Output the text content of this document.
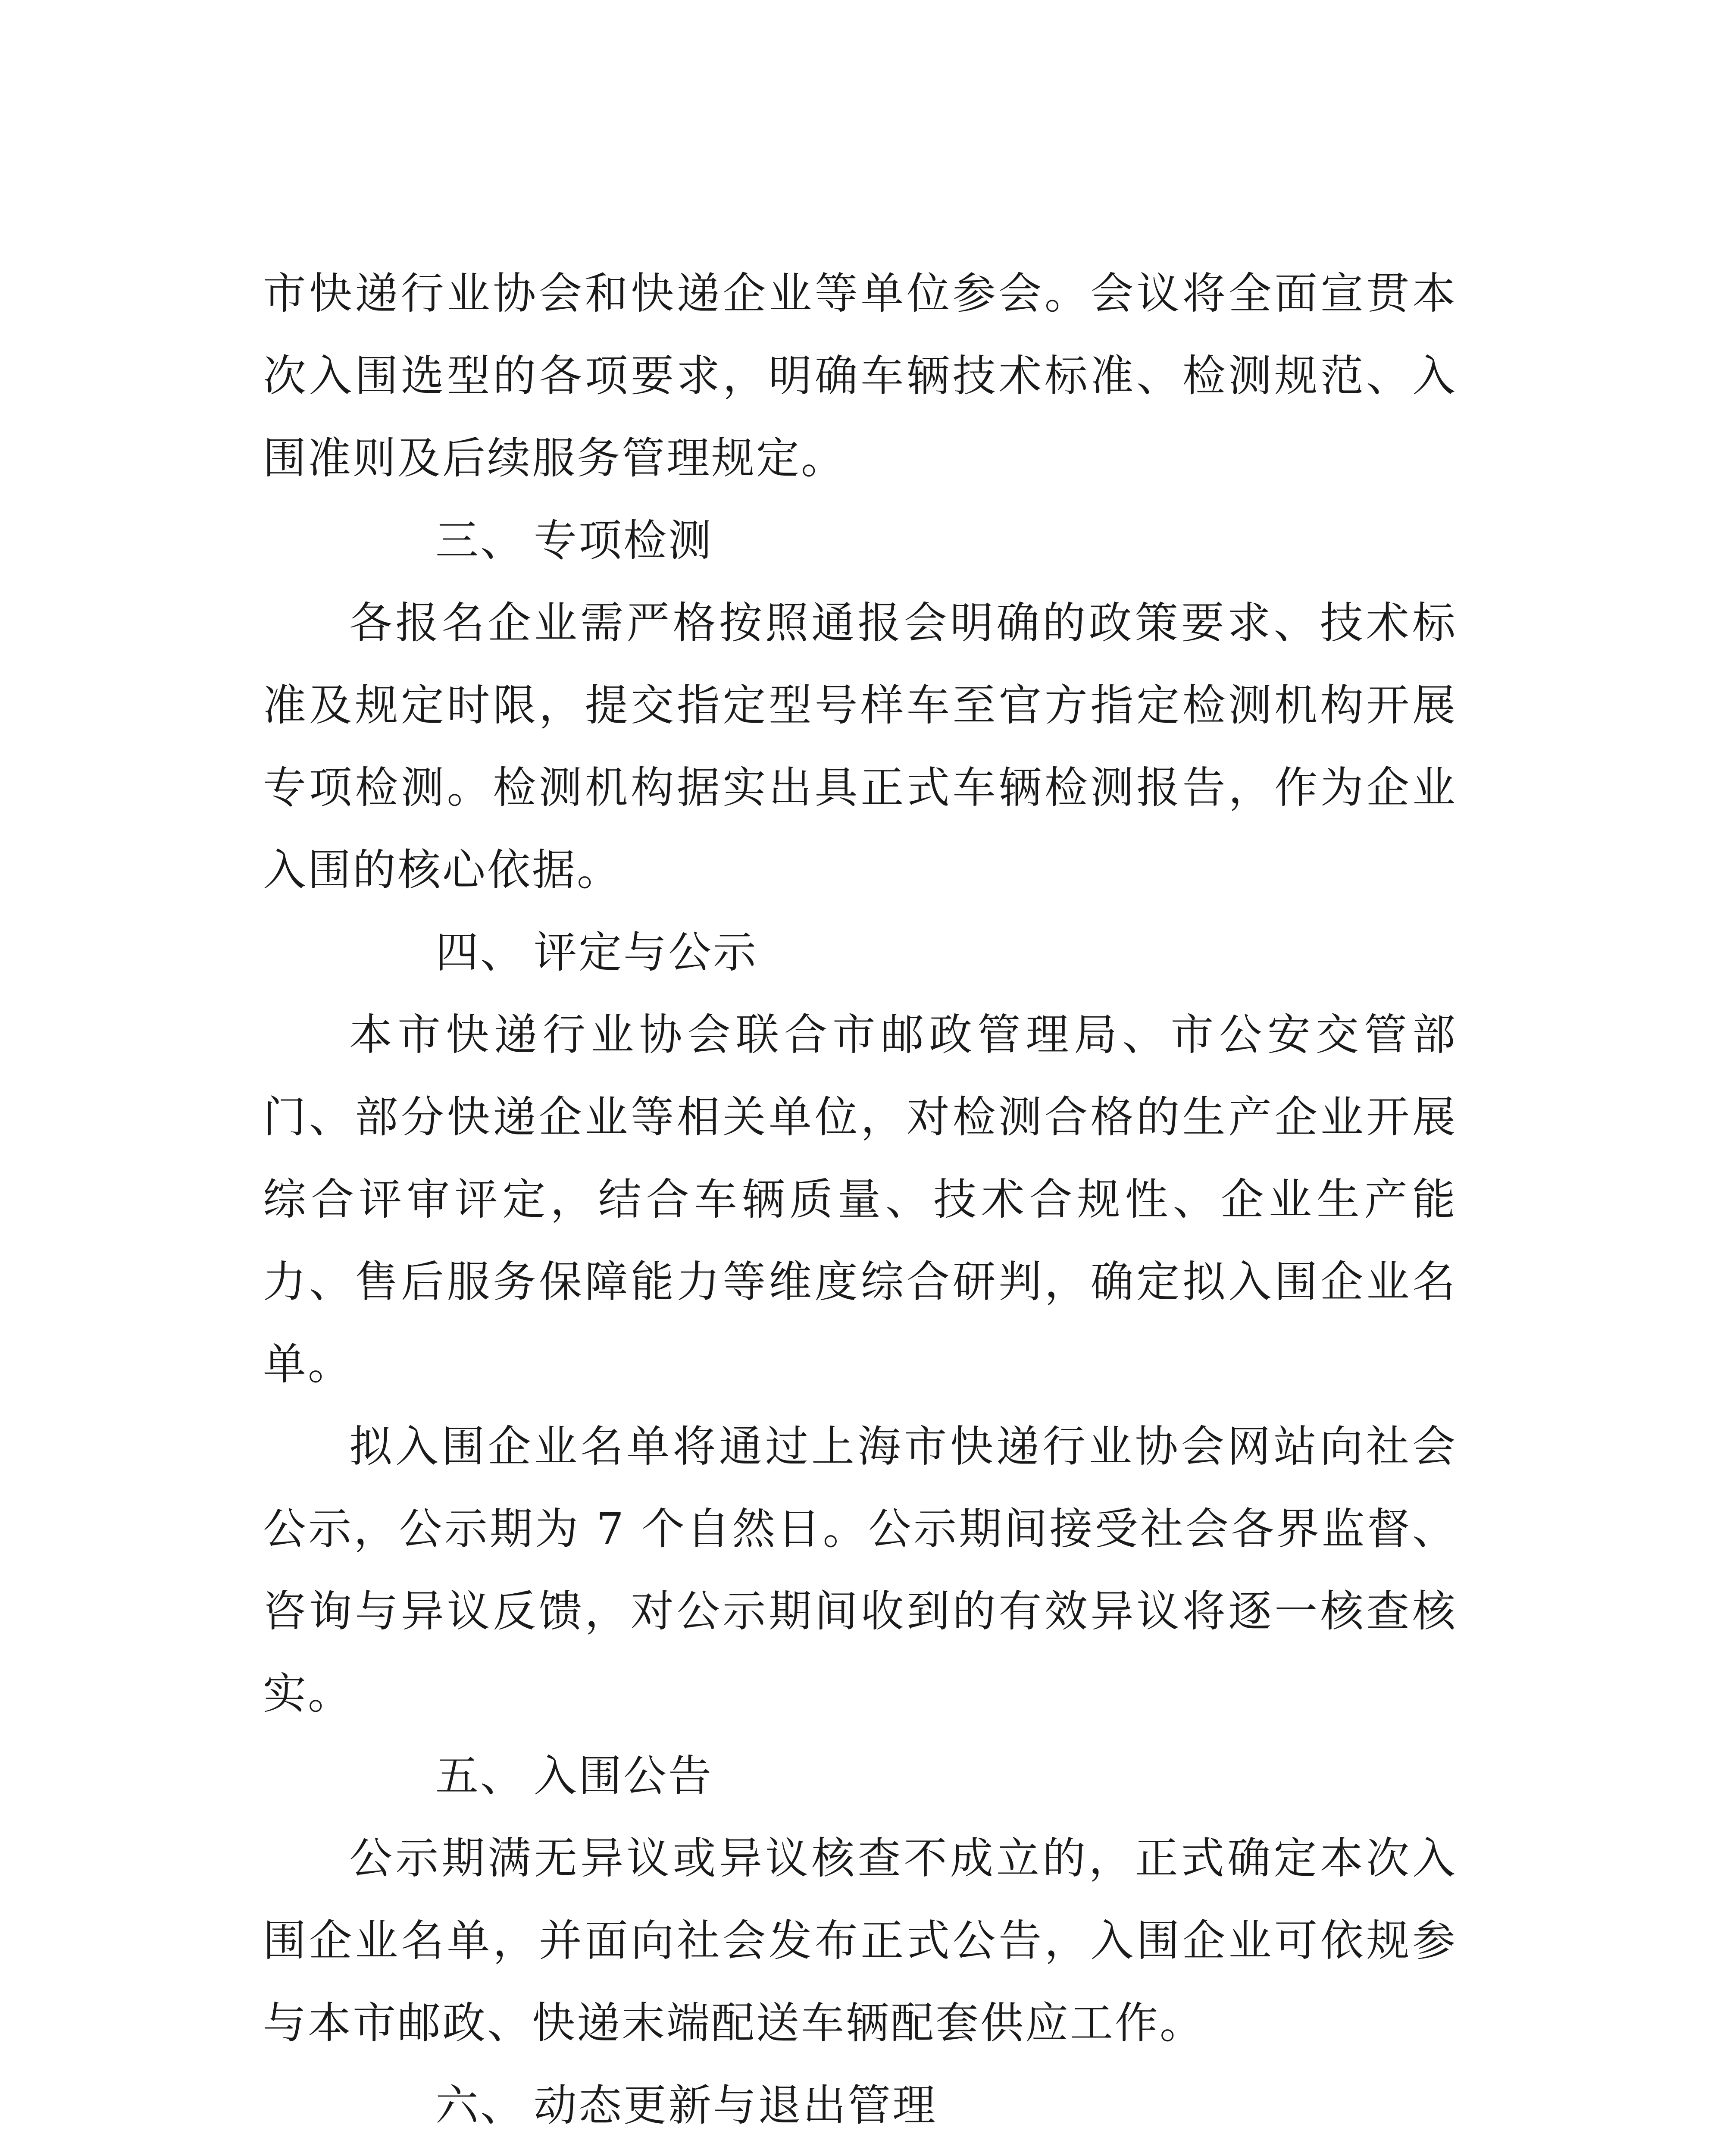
市快递行业协会和快递企业等单位参会。会议将全面宣贯本次入围选型的各项要求，明确车辆技术标准、检测规范、入围准则及后续服务管理规定。

三、 专项检测

各报名企业需严格按照通报会明确的政策要求、技术标准及规定时限，提交指定型号样车至官方指定检测机构开展专项检测。检测机构据实出具正式车辆检测报告，作为企业入围的核心依据。

四、 评定与公示

本市快递行业协会联合市邮政管理局、市公安交管部门、部分快递企业等相关单位，对检测合格的生产企业开展综合评审评定，结合车辆质量、技术合规性、企业生产能力、售后服务保障能力等维度综合研判，确定拟入围企业名单。

拟入围企业名单将通过上海市快递行业协会网站向社会公示，公示期为 7 个自然日。公示期间接受社会各界监督、咨询与异议反馈，对公示期间收到的有效异议将逐一核查核实。

五、 入围公告

公示期满无异议或异议核查不成立的，正式确定本次入围企业名单，并面向社会发布正式公告，入围企业可依规参与本市邮政、快递末端配送车辆配套供应工作。

六、 动态更新与退出管理
